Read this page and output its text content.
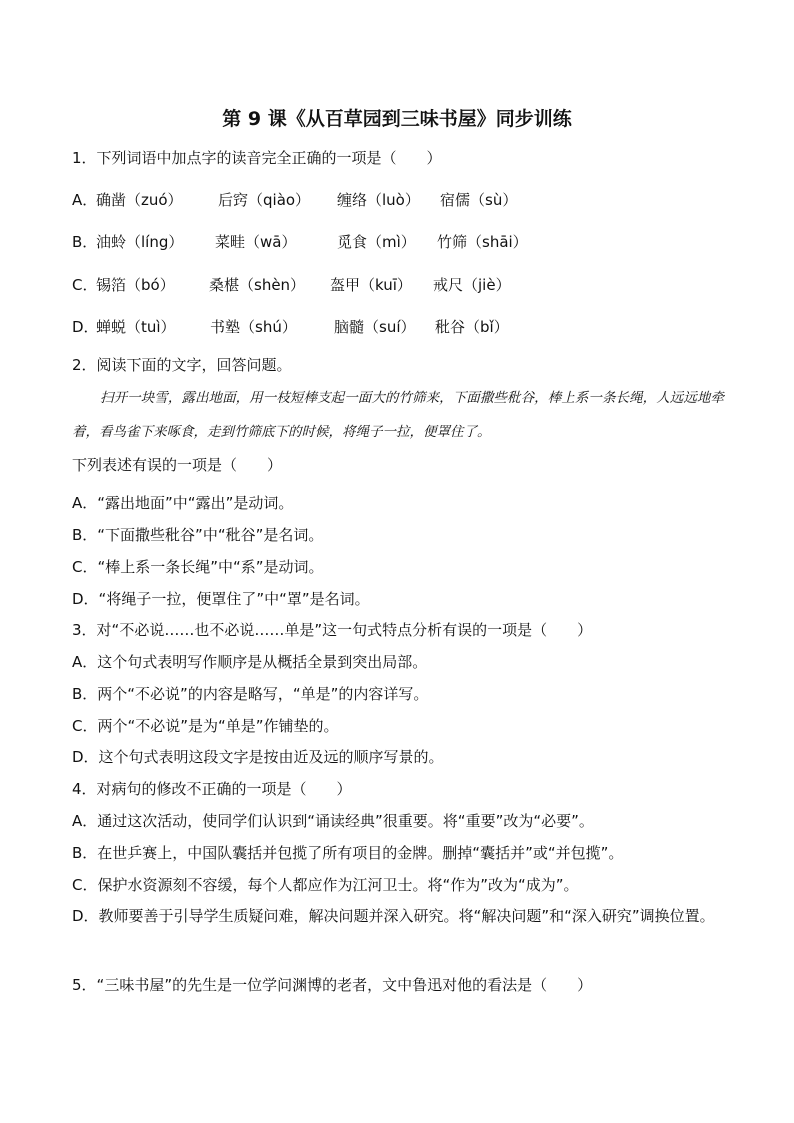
第 9 课《从百草园到三味书屋》同步训练
1．下列词语中加点字的读音完全正确的一项是（　　）
A．
确凿（zuó） 后窍（qiào） 缠络（luò） 宿儒（sù）
B．
油蛉（líng） 菜畦（wā）	觅食（mì） 竹筛（shāi）
C．
锡箔（bó） 桑椹（shèn） 盔甲（kuī） 戒尺（jiè）
D．
蝉蜕（tuì） 书塾（shú） 脑髓（suí） 秕谷（bǐ）
2．阅读下面的文字，回答问题。
扫开一块雪，露出地面，用一枝短棒支起一面大的竹筛来，下面撒些秕谷，棒上系一条长绳，人远远地牵着，看鸟雀下来啄食，走到竹筛底下的时候，将绳子一拉，便罩住了。
下列表述有误的一项是（　　）
A．“露出地面”中“露出”是动词。
B．“下面撒些秕谷”中“秕谷”是名词。
C．“棒上系一条长绳”中“系”是动词。
D．“将绳子一拉，便罩住了”中“罩”是名词。
3．对“不必说……也不必说……单是”这一句式特点分析有误的一项是（　　）
A．这个句式表明写作顺序是从概括全景到突出局部。
B．两个“不必说”的内容是略写，“单是”的内容详写。
C．两个“不必说”是为“单是”作铺垫的。
D．这个句式表明这段文字是按由近及远的顺序写景的。
4．对病句的修改不正确的一项是（　　）
A．通过这次活动，使同学们认识到“诵读经典”很重要。将“重要”改为“必要”。
B．在世乒赛上，中国队囊括并包揽了所有项目的金牌。删掉“囊括并”或“并包揽”。
C．保护水资源刻不容缓，每个人都应作为江河卫士。将“作为”改为“成为”。
D．教师要善于引导学生质疑问难，解决问题并深入研究。将“解决问题”和“深入研究”调换位置。
5．“三味书屋”的先生是一位学问渊博的老者，文中鲁迅对他的看法是（　　）
